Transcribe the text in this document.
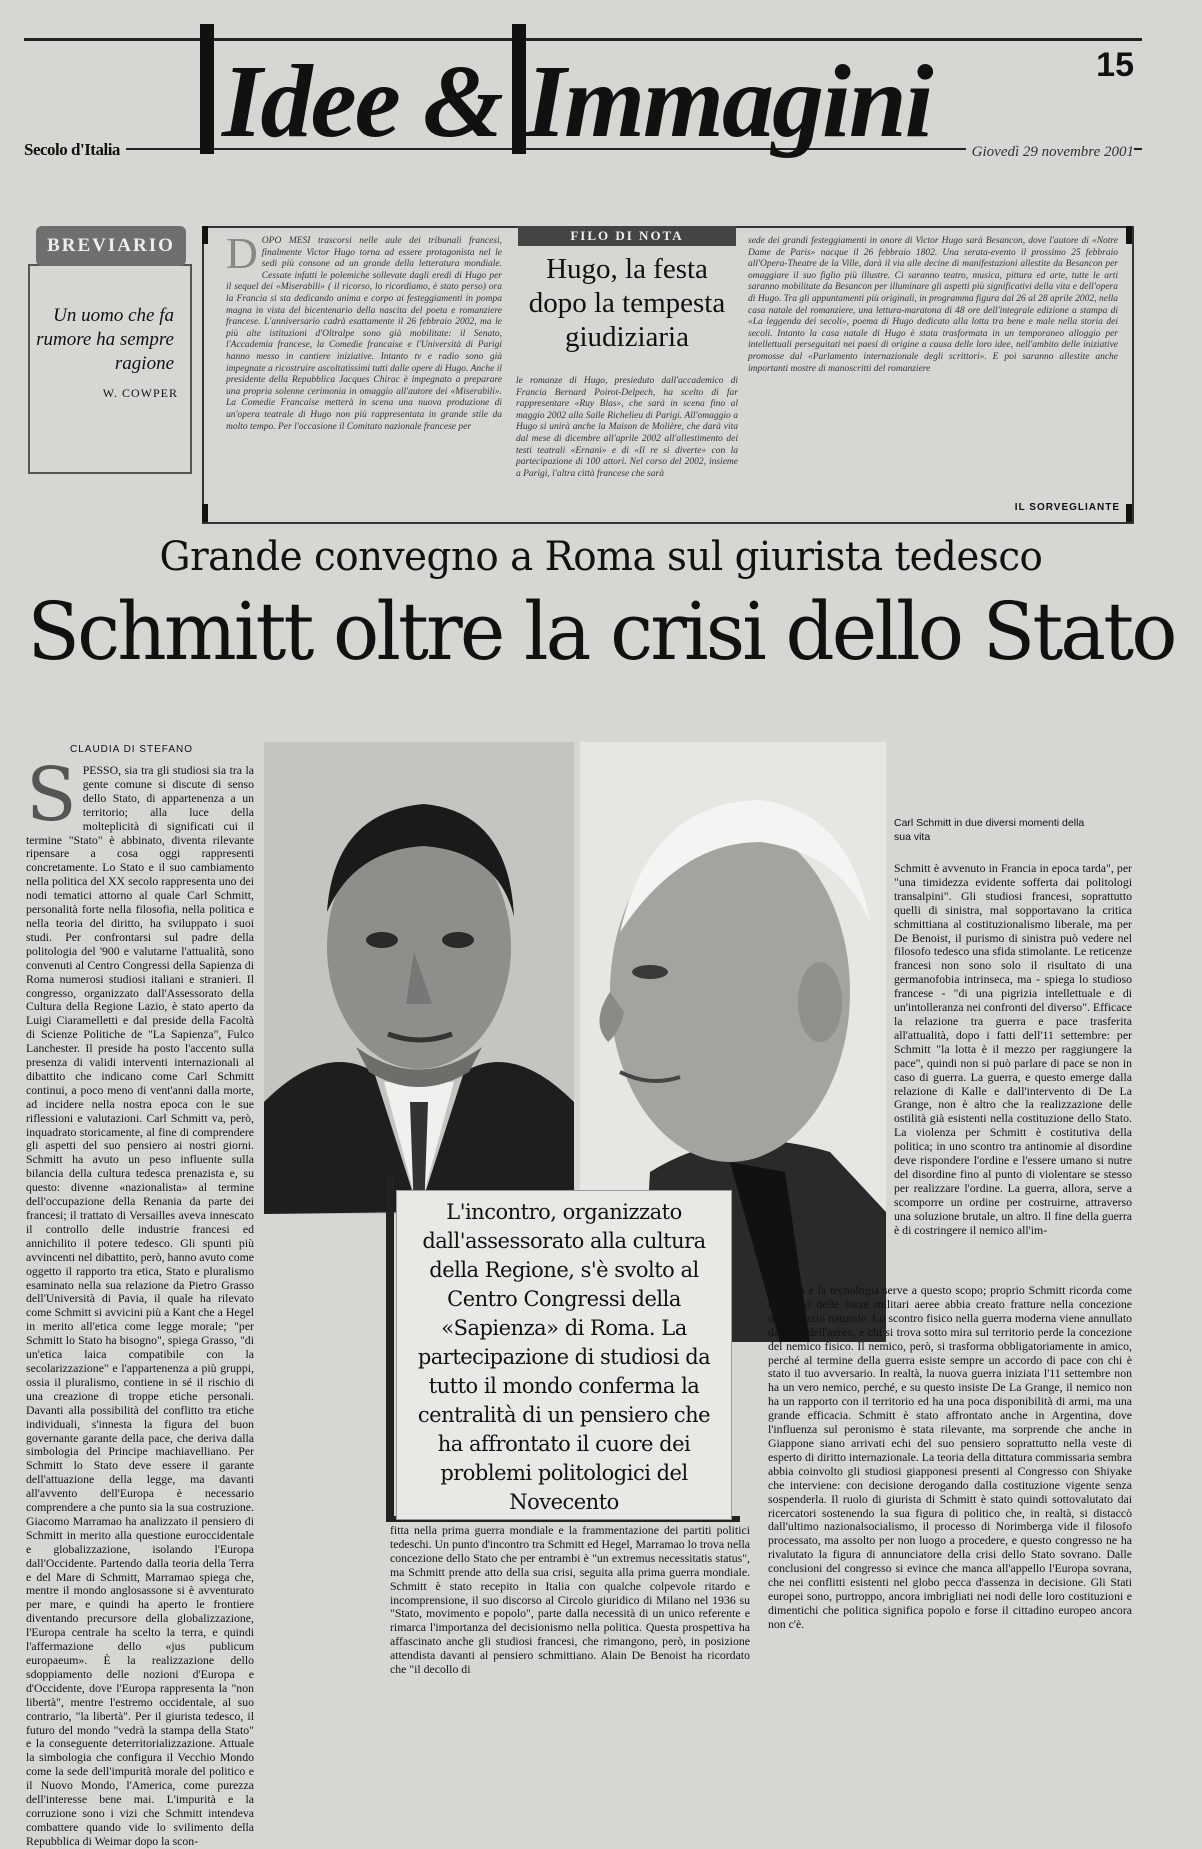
Idee & Immagini	15
Secolo d'Italia	Giovedì 29 novembre 2001
BREVIARIO
Un uomo che fa rumore ha sempre ragione
W. COWPER
FILO DI NOTA
Hugo, la festa dopo la tempesta giudiziaria
D OPO MESI trascorsi nelle aule dei tribunali francesi, finalmente Victor Hugo torna ad essere protagonista nel le sedi più consone ad un grande della letteratura mondiale. Cessate infatti le polemiche sollevate dagli eredi di Hugo per il sequel dei «Miserabili» ( il ricorso, lo ricordiamo, è stato perso) ora la Francia si sta dedicando anima e corpo ai festeggiamenti in pompa magna in vista del bicentenario della nascita del poeta e romanziere francese. L'anniversario cadrà esattamente il 26 febbraio 2002, ma le più alte istituzioni d'Oltralpe sono già mobilitate: il Senato, l'Accademia francese, la Comedie francaise e l'Università di Parigi hanno messo in cantiere iniziative. Intanto tv e radio sono già impegnate a ricostruire ascoltatissimi tutti dalle opere di Hugo. Anche il presidente della Repubblica Jacques Chirac è impegnato a preparare una propria solenne cerimonia in omaggio all'autore dei «Miserabili». La Comedie Francaise metterà in scena una nuova produzione di un'opera teatrale di Hugo non più rappresentata in grande stile da molto tempo. Per l'occasione il Comitato nazionale francese per
le romanze di Hugo, presieduto dall'accademico di Francia Bernard Poirot-Delpech, ha scelto di far rappresentare «Ruy Blas», che sarà in scena fino al maggio 2002 alla Salle Richelieu di Parigi. All'omaggio a Hugo si unirà anche la Maison de Molière, che darà vita dal mese di dicembre all'aprile 2002 all'allestimento dei testi teatrali «Ernani» e di «Il re si diverte» con la partecipazione di 100 attori. Nel corso del 2002, insieme a Parigi, l'altra città francese che sarà
sede dei grandi festeggiamenti in onore di Victor Hugo sarà Besancon, dove l'autore di «Notre Dame de Paris» nacque il 26 febbraio 1802. Una serata-evento il prossimo 25 febbraio all'Opera-Theatre de la Ville, darà il via alle decine di manifestazioni allestite da Besancon per omaggiare il suo figlio più illustre. Ci saranno teatro, musica, pittura ed arte, tutte le arti saranno mobilitate da Besancon per illuminare gli aspetti più significativi della vita e dell'opera di Hugo. Tra gli appuntamenti più originali, in programma figura dal 26 al 28 aprile 2002, nella casa natale del romanziere, una lettura-maratona di 48 ore dell'integrale edizione a stampa di «La leggenda dei secoli», poema di Hugo dedicato alla lotta tra bene e male nella storia dei secoli. Intanto la casa natale di Hugo è stata trasformata in un temporaneo alloggio per intellettuali perseguitati nei paesi di origine a causa delle loro idee, nell'ambito delle iniziative promosse dal «Parlamento internazionale degli scrittori». E poi saranno allestite anche importanti mostre di manoscritti del romanziere
IL SORVEGLIANTE
Grande convegno a Roma sul giurista tedesco
Schmitt oltre la crisi dello Stato
CLAUDIA DI STEFANO
S PESSO, sia tra gli studiosi sia tra la gente comune si discute di senso dello Stato, di appartenenza a un territorio; alla luce della molteplicità di significati cui il termine "Stato" è abbinato, diventa rilevante ripensare a cosa oggi rappresenti concretamente. Lo Stato e il suo cambiamento nella politica del XX secolo rappresenta uno dei nodi tematici attorno al quale Carl Schmitt, personalità forte nella filosofia, nella politica e nella teoria del diritto, ha sviluppato i suoi studi. Per confrontarsi sul padre della politologia del '900 e valutarne l'attualità, sono convenuti al Centro Congressi della Sapienza di Roma numerosi studiosi italiani e stranieri. Il congresso, organizzato dall'Assessorato della Cultura della Regione Lazio, è stato aperto da Luigi Ciaramelletti e dal preside della Facoltà di Scienze Politiche de "La Sapienza", Fulco Lanchester. Il preside ha posto l'accento sulla presenza di validi interventi internazionali al dibattito che indicano come Carl Schmitt continui, a poco meno di vent'anni dalla morte, ad incidere nella nostra epoca con le sue riflessioni e valutazioni. Carl Schmitt va, però, inquadrato storicamente, al fine di comprendere gli aspetti del suo pensiero ai nostri giorni. Schmitt ha avuto un peso influente sulla bilancia della cultura tedesca prenazista e, su questo: divenne «nazionalista» al termine dell'occupazione della Renania da parte dei francesi; il trattato di Versailles aveva innescato il controllo delle industrie francesi ed annichilito il potere tedesco. Gli spunti più avvincenti nel dibattito, però, hanno avuto come oggetto il rapporto tra etica, Stato e pluralismo esaminato nella sua relazione da Pietro Grasso dell'Università di Pavia, il quale ha rilevato come Schmitt si avvicini più a Kant che a Hegel in merito all'etica come legge morale; "per Schmitt lo Stato ha bisogno", spiega Grasso, "di un'etica laica compatibile con la secolarizzazione" e l'appartenenza a più gruppi, ossia il pluralismo, contiene in sé il rischio di una creazione di troppe etiche personali. Davanti alla possibilità del conflitto tra etiche individuali, s'innesta la figura del buon governante garante della pace, che deriva dalla simbologia del Principe machiavelliano. Per Schmitt lo Stato deve essere il garante dell'attuazione della legge, ma davanti all'avvento dell'Europa è necessario comprendere a che punto sia la sua costruzione. Giacomo Marramao ha analizzato il pensiero di Schmitt in merito alla questione euroccidentale e globalizzazione, isolando l'Europa dall'Occidente. Partendo dalla teoria della Terra e del Mare di Schmitt, Marramao spiega che, mentre il mondo anglosassone si è avventurato per mare, e quindi ha aperto le frontiere diventando precursore della globalizzazione, l'Europa centrale ha scelto la terra, e quindi l'affermazione dello «jus publicum europaeum». È la realizzazione dello sdoppiamento delle nozioni d'Europa e d'Occidente, dove l'Europa rappresenta la "non libertà", mentre l'estremo occidentale, al suo contrario, "la libertà". Per il giurista tedesco, il futuro del mondo "vedrà la stampa della Stato" e la conseguente deterritorializzazione. Attuale la simbologia che configura il Vecchio Mondo come la sede dell'impurità morale del politico e il Nuovo Mondo, l'America, come purezza dell'interesse bene mai. L'impurità e la corruzione sono i vizi che Schmitt intendeva combattere quando vide lo svilimento della Repubblica di Weimar dopo la scon-
Carl Schmitt in due diversi momenti della sua vita
Schmitt è avvenuto in Francia in epoca tarda", per "una timidezza evidente sofferta dai politologi transalpini". Gli studiosi francesi, soprattutto quelli di sinistra, mal sopportavano la critica schmittiana al costituzionalismo liberale, ma per De Benoist, il purismo di sinistra può vedere nel filosofo tedesco una sfida stimolante. Le reticenze francesi non sono solo il risultato di una germanofobia intrinseca, ma - spiega lo studioso francese - "di una pigrizia intellettuale e di un'intolleranza nei confronti del diverso". Efficace la relazione tra guerra e pace trasferita all'attualità, dopo i fatti dell'11 settembre: per Schmitt "la lotta è il mezzo per raggiungere la pace", quindi non si può parlare di pace se non in caso di guerra. La guerra, e questo emerge dalla relazione di Kalle e dall'intervento di De La Grange, non è altro che la realizzazione delle ostilità già esistenti nella costituzione dello Stato. La violenza per Schmitt è costitutiva della politica; in uno scontro tra antinomie al disordine deve rispondere l'ordine e l'essere umano si nutre del disordine fino al punto di violentare se stesso per realizzare l'ordine. La guerra, allora, serve a scomporre un ordine per costruirne, attraverso una soluzione brutale, un altro. Il fine della guerra è di costringere il nemico all'im-
potenza e la tecnologia serve a questo scopo; proprio Schmitt ricorda come l'avvento delle forze militari aeree abbia creato fratture nella concezione dello spazio naturale. Lo scontro fisico nella guerra moderna viene annullato dall'uso dell'aereo, e chi si trova sotto mira sul territorio perde la concezione del nemico fisico. Il nemico, però, si trasforma obbligatoriamente in amico, perché al termine della guerra esiste sempre un accordo di pace con chi è stato il tuo avversario. In realtà, la nuova guerra iniziata l'11 settembre non ha un vero nemico, perché, e su questo insiste De La Grange, il nemico non ha un rapporto con il territorio ed ha una poca disponibilità di armi, ma una grande efficacia. Schmitt è stato affrontato anche in Argentina, dove l'influenza sul peronismo è stata rilevante, ma sorprende che anche in Giappone siano arrivati echi del suo pensiero soprattutto nella veste di esperto di diritto internazionale. La teoria della dittatura commissaria sembra abbia coinvolto gli studiosi giapponesi presenti al Congresso con Shiyake che interviene: con decisione derogando dalla costituzione vigente senza sospenderla. Il ruolo di giurista di Schmitt è stato quindi sottovalutato dai ricercatori sostenendo la sua figura di politico che, in realtà, si distaccò dall'ultimo nazionalsocialismo, il processo di Norimberga vide il filosofo processato, ma assolto per non luogo a procedere, e questo congresso ne ha rivalutato la figura di annunciatore della crisi dello Stato sovrano. Dalle conclusioni del congresso si evince che manca all'appello l'Europa sovrana, che nei conflitti esistenti nel globo pecca d'assenza in decisione. Gli Stati europei sono, purtroppo, ancora imbrigliati nei nodi delle loro costituzioni e dimentichi che politica significa popolo e forse il cittadino europeo ancora non c'è.
L'incontro, organizzato dall'assessorato alla cultura della Regione, s'è svolto al Centro Congressi della «Sapienza» di Roma. La partecipazione di studiosi da tutto il mondo conferma la centralità di un pensiero che ha affrontato il cuore dei problemi politologici del Novecento
fitta nella prima guerra mondiale e la frammentazione dei partiti politici tedeschi. Un punto d'incontro tra Schmitt ed Hegel, Marramao lo trova nella concezione dello Stato che per entrambi è "un extremus necessitatis status", ma Schmitt prende atto della sua crisi, seguita alla prima guerra mondiale. Schmitt è stato recepito in Italia con qualche colpevole ritardo e incomprensione, il suo discorso al Circolo giuridico di Milano nel 1936 su "Stato, movimento e popolo", parte dalla necessità di un unico referente e rimarca l'importanza del decisionismo nella politica. Questa prospettiva ha affascinato anche gli studiosi francesi, che rimangono, però, in posizione attendista davanti al pensiero schmittiano. Alain De Benoist ha ricordato che "il decollo di
